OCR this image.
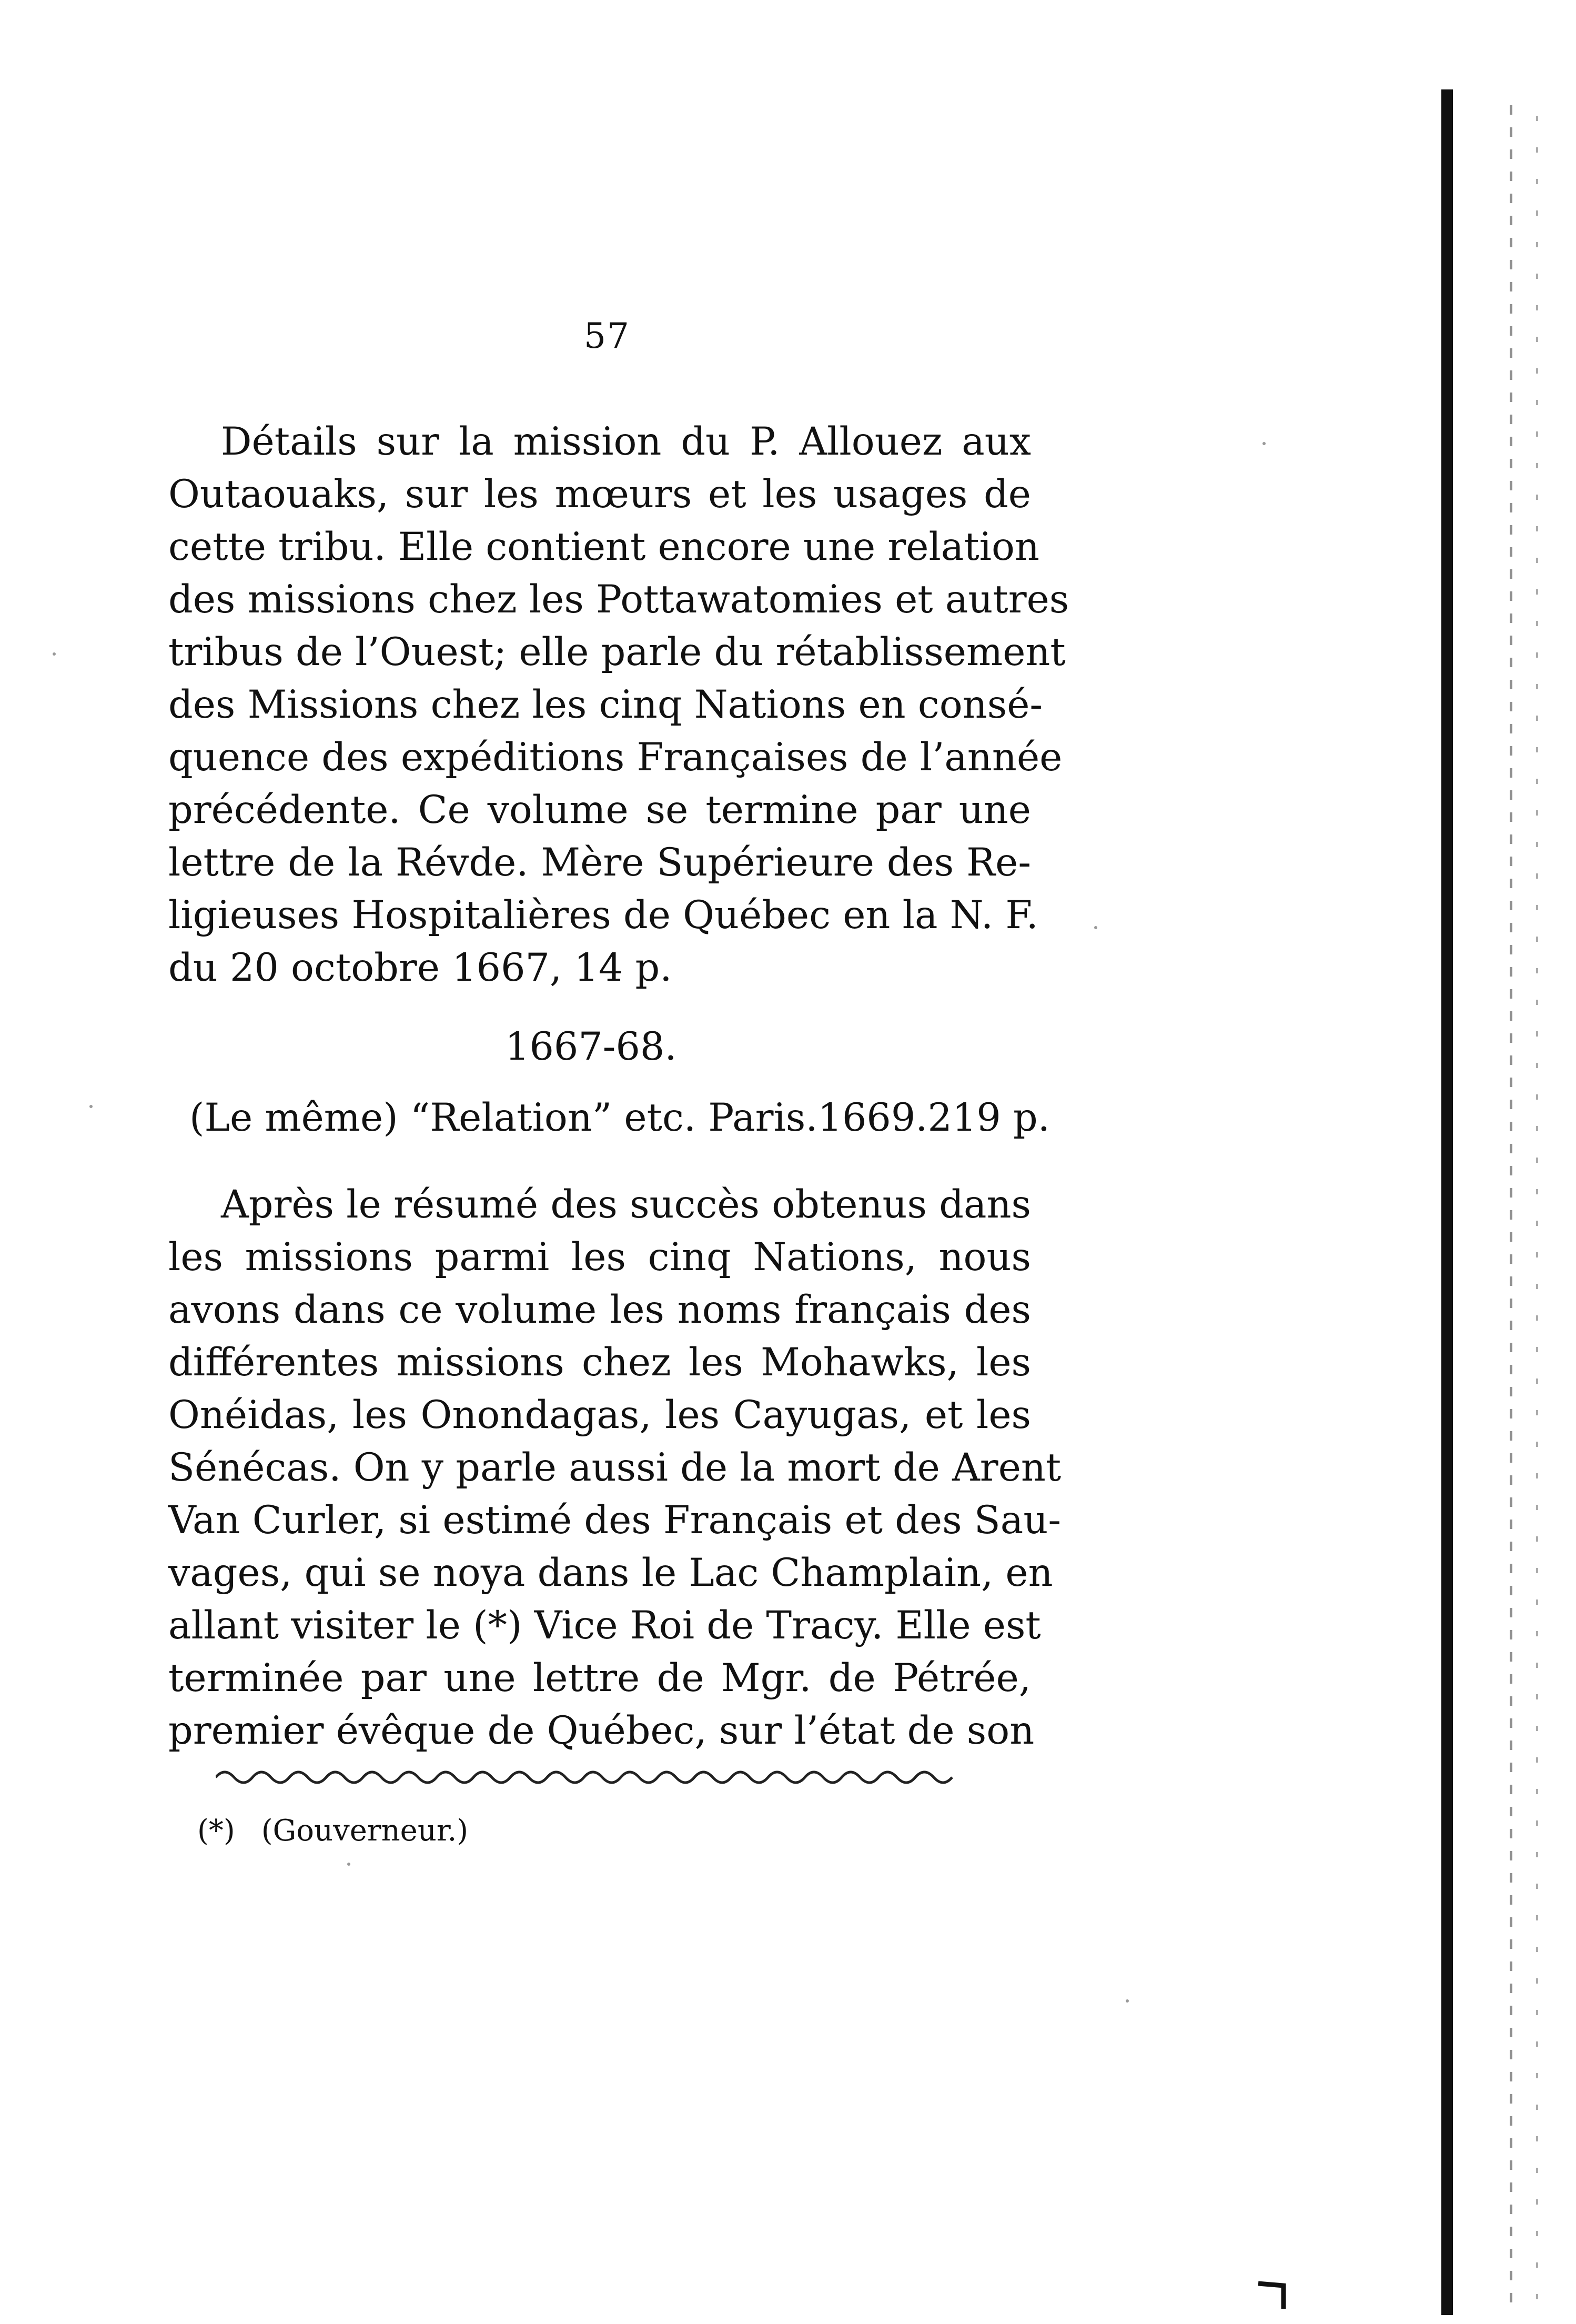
57
Détails sur la mission du P. Allouez aux
Outaouaks, sur les mœurs et les usages de
cette tribu. Elle contient encore une relation
des missions chez les Pottawatomies et autres
tribus de l’Ouest; elle parle du rétablissement
des Missions chez les cinq Nations en consé-
quence des expéditions Françaises de l’année
précédente. Ce volume se termine par une
lettre de la Révde. Mère Supérieure des Re-
ligieuses Hospitalières de Québec en la N. F.
du 20 octobre 1667, 14 p.
1667-68.
(Le même) “Relation” etc. Paris.1669.219 p.
Après le résumé des succès obtenus dans
les missions parmi les cinq Nations, nous
avons dans ce volume les noms français des
différentes missions chez les Mohawks, les
Onéidas, les Onondagas, les Cayugas, et les
Sénécas. On y parle aussi de la mort de Arent
Van Curler, si estimé des Français et des Sau-
vages, qui se noya dans le Lac Champlain, en
allant visiter le (*) Vice Roi de Tracy. Elle est
terminée par une lettre de Mgr. de Pétrée,
premier évêque de Québec, sur l’état de son
(*) (Gouverneur.)
